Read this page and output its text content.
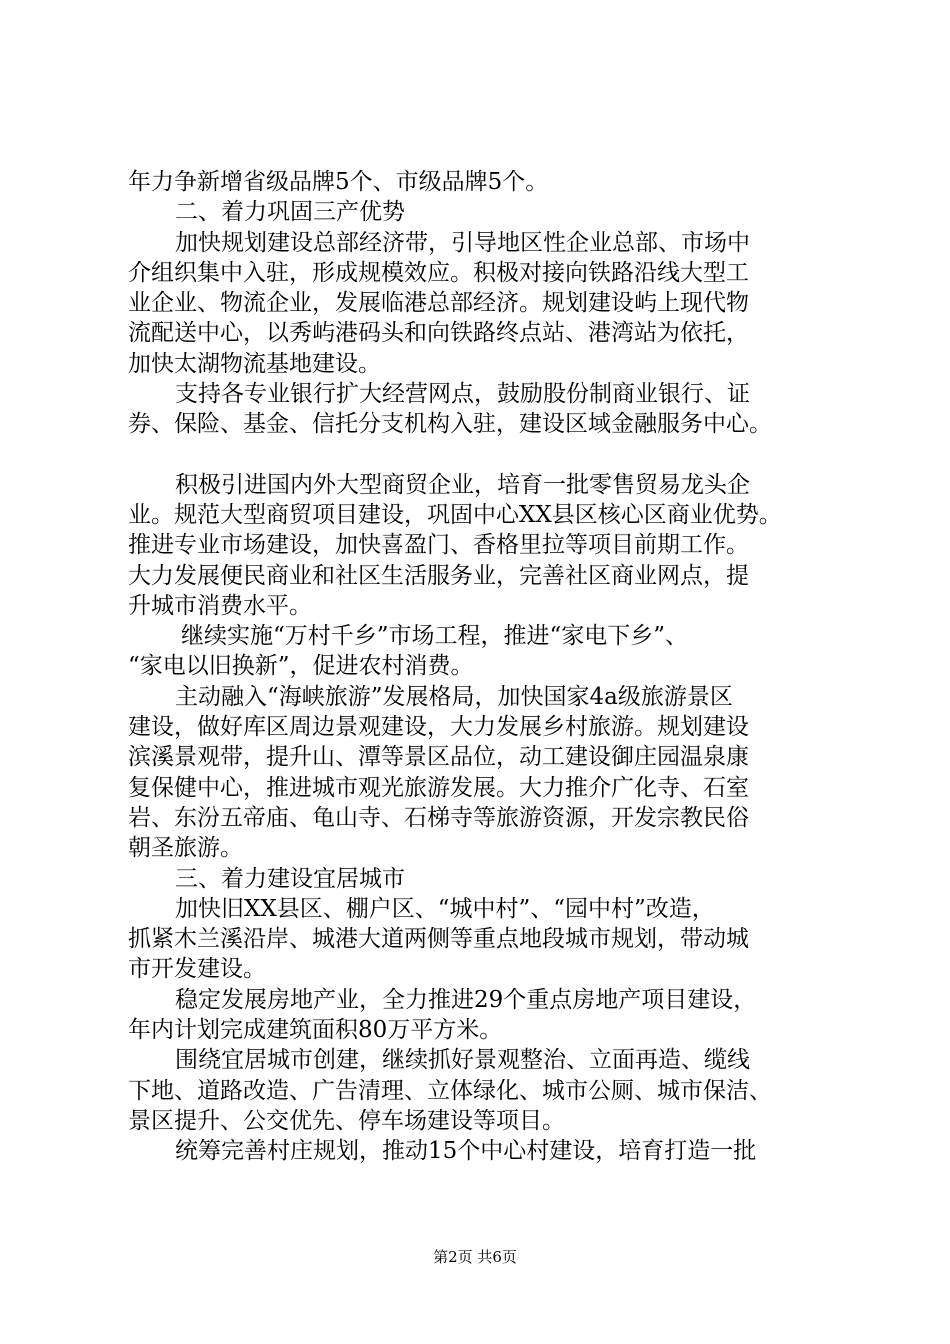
年力争新增省级品牌5个、市级品牌5个。

二、着力巩固三产优势

加快规划建设总部经济带，引导地区性企业总部、市场中

介组织集中入驻，形成规模效应。积极对接向铁路沿线大型工

业企业、物流企业，发展临港总部经济。规划建设屿上现代物

流配送中心，以秀屿港码头和向铁路终点站、港湾站为依托，

加快太湖物流基地建设。

支持各专业银行扩大经营网点，鼓励股份制商业银行、证

券、保险、基金、信托分支机构入驻，建设区域金融服务中心。

积极引进国内外大型商贸企业，培育一批零售贸易龙头企

业。规范大型商贸项目建设，巩固中心XX县区核心区商业优势。

推进专业市场建设，加快喜盈门、香格里拉等项目前期工作。

大力发展便民商业和社区生活服务业，完善社区商业网点，提

升城市消费水平。

继续实施“万村千乡”市场工程，推进“家电下乡”、

“家电以旧换新”，促进农村消费。

主动融入“海峡旅游”发展格局，加快国家4a级旅游景区

建设，做好库区周边景观建设，大力发展乡村旅游。规划建设

滨溪景观带，提升山、潭等景区品位，动工建设御庄园温泉康

复保健中心，推进城市观光旅游发展。大力推介广化寺、石室

岩、东汾五帝庙、龟山寺、石梯寺等旅游资源，开发宗教民俗

朝圣旅游。

三、着力建设宜居城市

加快旧XX县区、棚户区、“城中村”、“园中村”改造，

抓紧木兰溪沿岸、城港大道两侧等重点地段城市规划，带动城

市开发建设。

稳定发展房地产业，全力推进29个重点房地产项目建设，

年内计划完成建筑面积80万平方米。

围绕宜居城市创建，继续抓好景观整治、立面再造、缆线

下地、道路改造、广告清理、立体绿化、城市公厕、城市保洁、

景区提升、公交优先、停车场建设等项目。

统筹完善村庄规划，推动15个中心村建设，培育打造一批

第2页 共6页
